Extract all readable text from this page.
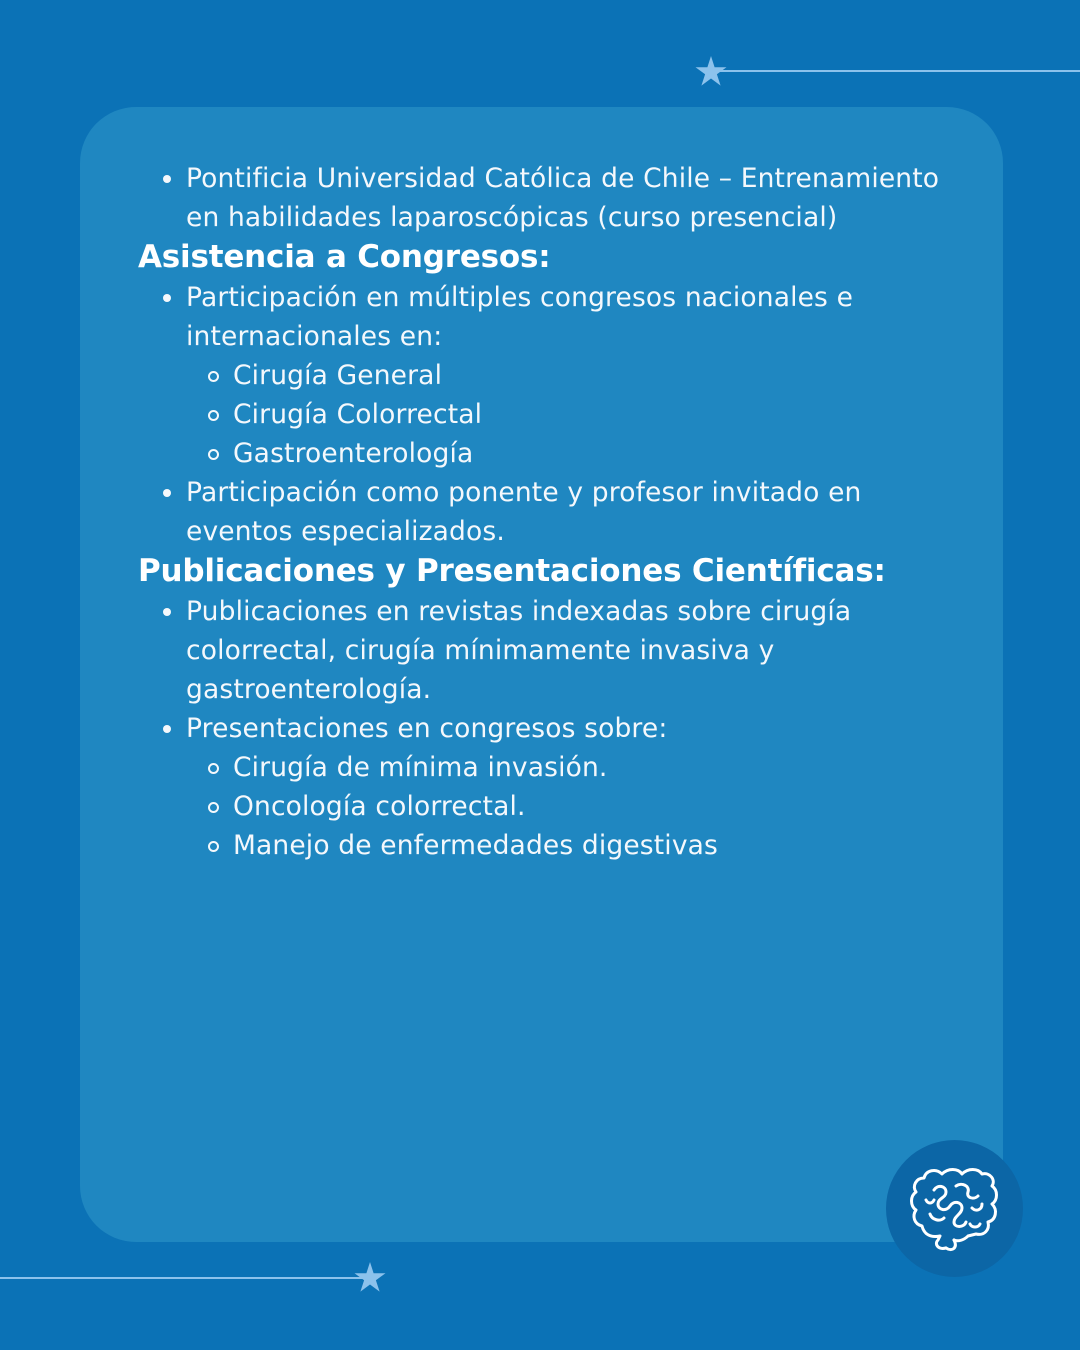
Pontificia Universidad Católica de Chile – Entrenamiento en habilidades laparoscópicas (curso presencial)
Asistencia a Congresos:
Participación en múltiples congresos nacionales e internacionales en:
Cirugía General
Cirugía Colorrectal
Gastroenterología
Participación como ponente y profesor invitado en eventos especializados.
Publicaciones y Presentaciones Científicas:
Publicaciones en revistas indexadas sobre cirugía colorrectal, cirugía mínimamente invasiva y gastroenterología.
Presentaciones en congresos sobre:
Cirugía de mínima invasión.
Oncología colorrectal.
Manejo de enfermedades digestivas
